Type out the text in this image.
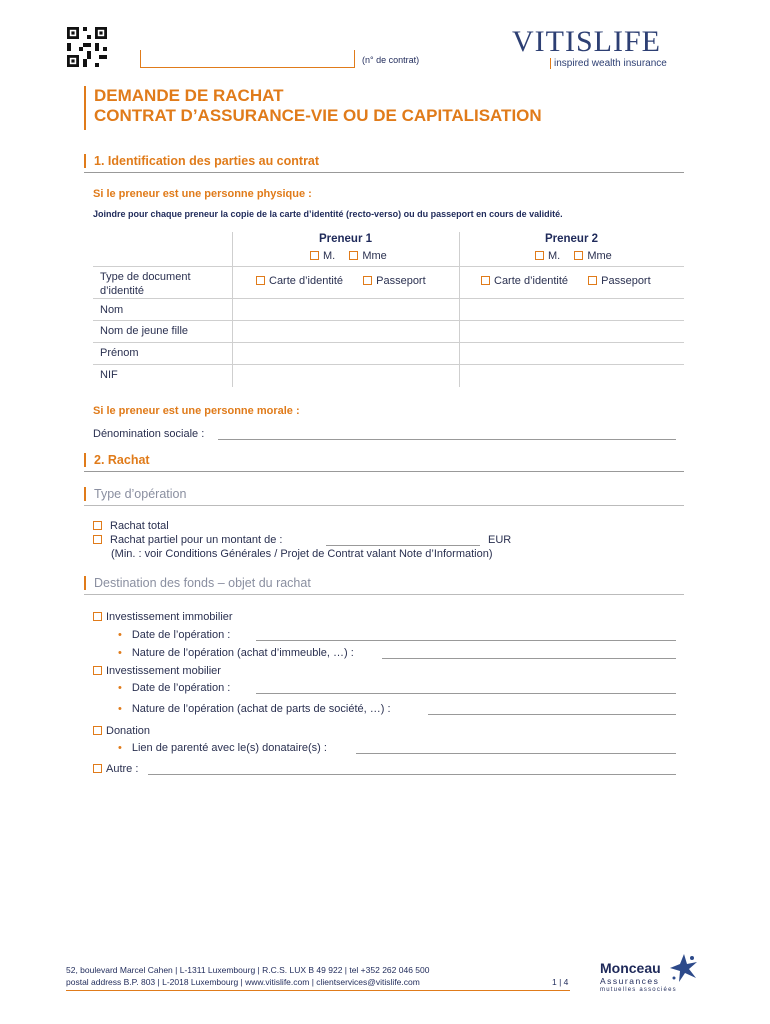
(n° de contrat)
VITISLIFE
inspired wealth insurance
DEMANDE DE RACHAT
CONTRAT D’ASSURANCE-VIE OU DE CAPITALISATION
1. Identification des parties au contrat
Si le preneur est une personne physique :
Joindre pour chaque preneur la copie de la carte d’identité (recto-verso) ou du passeport en cours de validité.
Preneur 1	Preneur 2
M. Mme	M. Mme
Type de document d’identité
Carte d’identité	Passeport	Carte d’identité	Passeport
Nom
Nom de jeune fille
Prénom
NIF
Si le preneur est une personne morale :
Dénomination sociale :
2. Rachat
Type d’opération
Rachat total
Rachat partiel pour un montant de :	EUR
(Min. : voir Conditions Générales / Projet de Contrat valant Note d’Information)
Destination des fonds – objet du rachat
Investissement immobilier
• Date de l’opération :
• Nature de l’opération (achat d’immeuble, …) :
Investissement mobilier
• Date de l’opération :
• Nature de l’opération (achat de parts de société, …) :
Donation
• Lien de parenté avec le(s) donataire(s) :
Autre :
52, boulevard Marcel Cahen | L-1311 Luxembourg | R.C.S. LUX B 49 922 | tel +352 262 046 500
postal address B.P. 803 | L-2018 Luxembourg | www.vitislife.com | clientservices@vitislife.com	1 | 4
Monceau
Assurances
mutuelles associées
